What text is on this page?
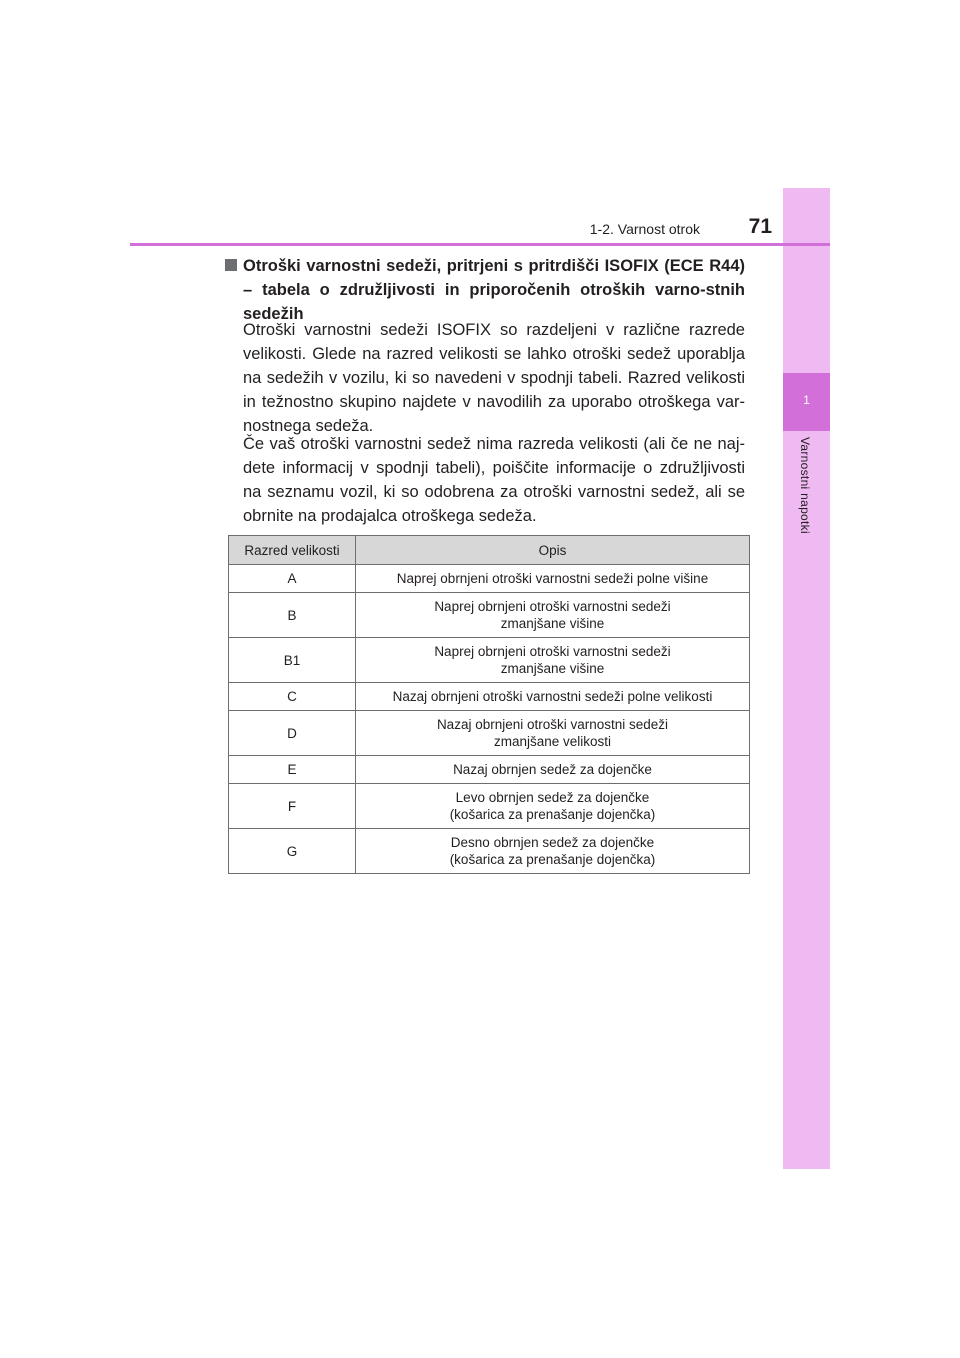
1
Varnostni napotki
1-2. Varnost otrok	71
Otroški varnostni sedeži, pritrjeni s pritrdišči ISOFIX (ECE R44) – tabela o združljivosti in priporočenih otroških varno-stnih sedežih
Otroški varnostni sedeži ISOFIX so razdeljeni v različne razrede velikosti. Glede na razred velikosti se lahko otroški sedež uporablja na sedežih v vozilu, ki so navedeni v spodnji tabeli. Razred velikosti in težnostno skupino najdete v navodilih za uporabo otroškega var-nostnega sedeža.
Če vaš otroški varnostni sedež nima razreda velikosti (ali če ne naj-dete informacij v spodnji tabeli), poiščite informacije o združljivosti na seznamu vozil, ki so odobrena za otroški varnostni sedež, ali se obrnite na prodajalca otroškega sedeža.
Razred velikosti	Opis
A	Naprej obrnjeni otroški varnostni sedeži polne višine

B	Naprej obrnjeni otroški varnostni sedeži
zmanjšane višine

B1	Naprej obrnjeni otroški varnostni sedeži
zmanjšane višine

C	Nazaj obrnjeni otroški varnostni sedeži polne velikosti

D	Nazaj obrnjeni otroški varnostni sedeži
zmanjšane velikosti

E	Nazaj obrnjen sedež za dojenčke

F	Levo obrnjen sedež za dojenčke
(košarica za prenašanje dojenčka)

G	Desno obrnjen sedež za dojenčke
(košarica za prenašanje dojenčka)
